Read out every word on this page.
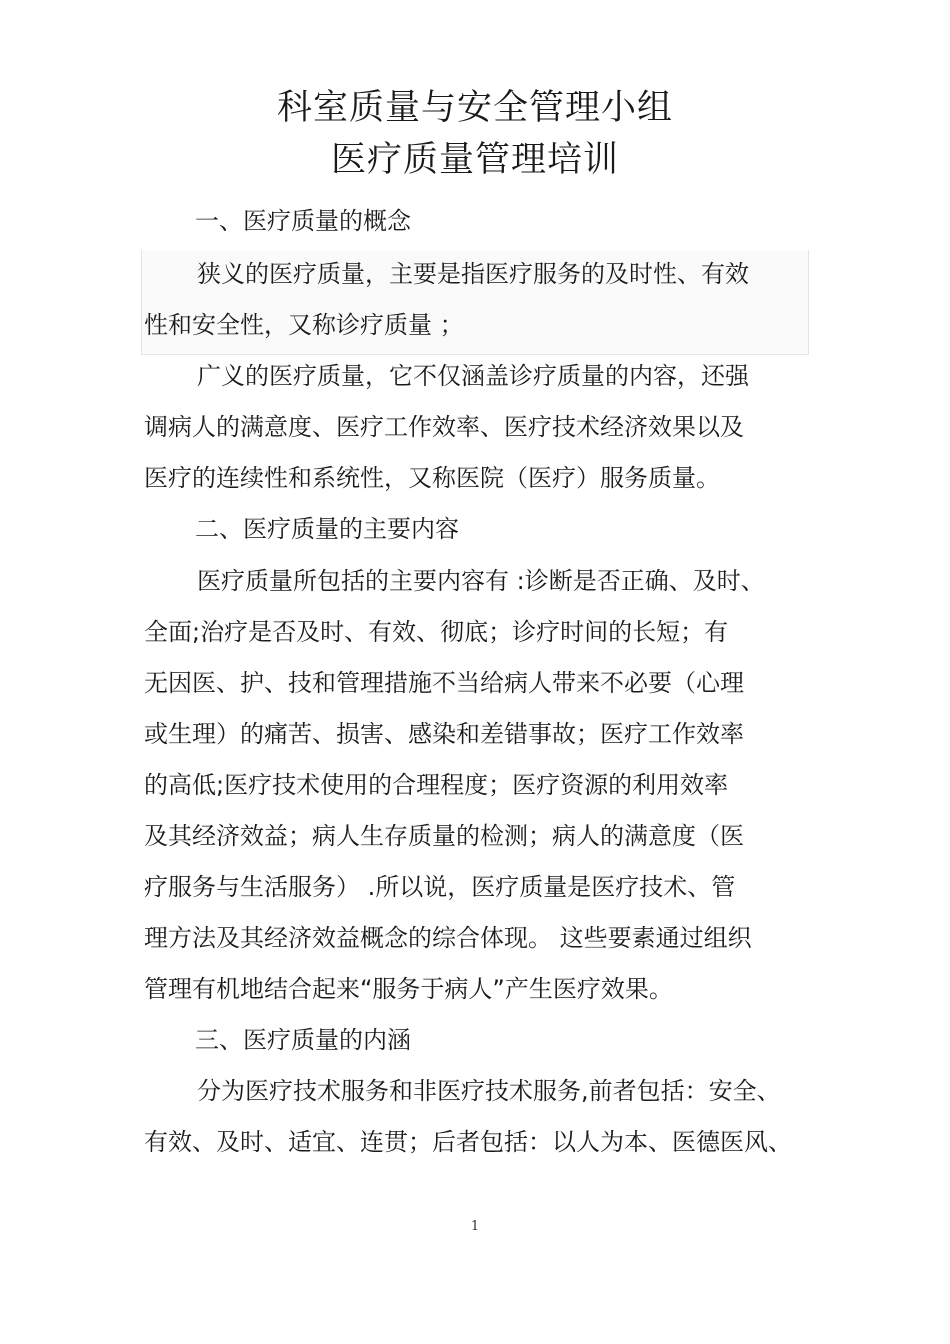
科室质量与安全管理小组
医疗质量管理培训

一、医疗质量的概念

狭义的医疗质量，主要是指医疗服务的及时性、有效

性和安全性，又称诊疗质量 ；

广义的医疗质量，它不仅涵盖诊疗质量的内容，还强

调病人的满意度、医疗工作效率、医疗技术经济效果以及

医疗的连续性和系统性，又称医院（医疗）服务质量。

二、医疗质量的主要内容

医疗质量所包括的主要内容有 :诊断是否正确、及时、

全面;治疗是否及时、有效、彻底；诊疗时间的长短；有

无因医、护、技和管理措施不当给病人带来不必要（心理

或生理）的痛苦、损害、感染和差错事故；医疗工作效率

的高低;医疗技术使用的合理程度；医疗资源的利用效率

及其经济效益；病人生存质量的检测；病人的满意度（医

疗服务与生活服务） .所以说，医疗质量是医疗技术、管

理方法及其经济效益概念的综合体现。 这些要素通过组织

管理有机地结合起来“服务于病人”产生医疗效果。

三、医疗质量的内涵

分为医疗技术服务和非医疗技术服务,前者包括：安全、

有效、及时、适宜、连贯；后者包括：以人为本、医德医风、

1
